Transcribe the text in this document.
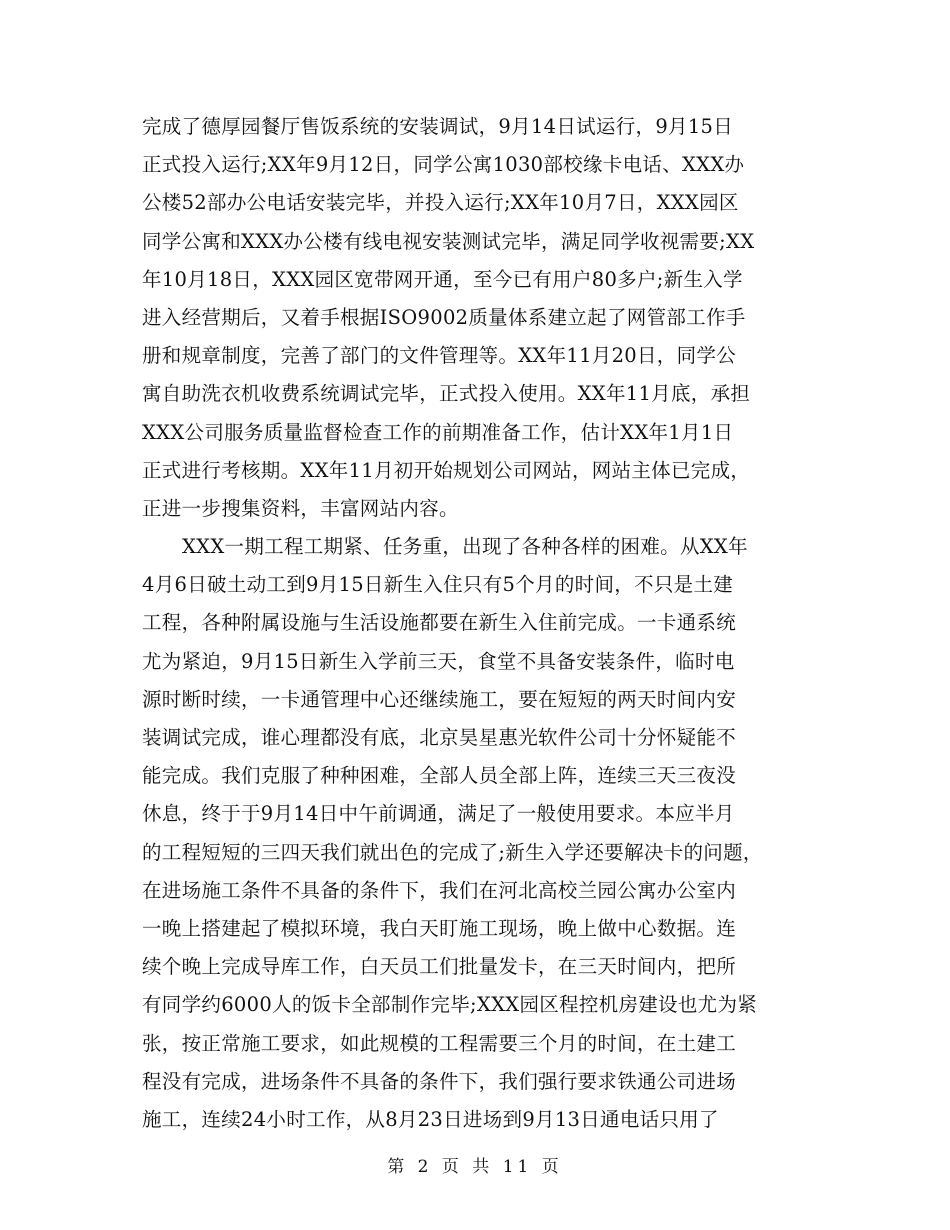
完成了德厚园餐厅售饭系统的安装调试，9月14日试运行，9月15日
正式投入运行;XX年9月12日，同学公寓1030部校缘卡电话、XXX办
公楼52部办公电话安装完毕，并投入运行;XX年10月7日，XXX园区
同学公寓和XXX办公楼有线电视安装测试完毕，满足同学收视需要;XX
年10月18日，XXX园区宽带网开通，至今已有用户80多户;新生入学
进入经营期后，又着手根据ISO9002质量体系建立起了网管部工作手
册和规章制度，完善了部门的文件管理等。XX年11月20日，同学公
寓自助洗衣机收费系统调试完毕，正式投入使用。XX年11月底，承担
XXX公司服务质量监督检查工作的前期准备工作，估计XX年1月1日
正式进行考核期。XX年11月初开始规划公司网站，网站主体已完成，
正进一步搜集资料，丰富网站内容。
XXX一期工程工期紧、任务重，出现了各种各样的困难。从XX年
4月6日破土动工到9月15日新生入住只有5个月的时间，不只是土建
工程，各种附属设施与生活设施都要在新生入住前完成。一卡通系统
尤为紧迫，9月15日新生入学前三天，食堂不具备安装条件，临时电
源时断时续，一卡通管理中心还继续施工，要在短短的两天时间内安
装调试完成，谁心理都没有底，北京昊星惠光软件公司十分怀疑能不
能完成。我们克服了种种困难，全部人员全部上阵，连续三天三夜没
休息，终于于9月14日中午前调通，满足了一般使用要求。本应半月
的工程短短的三四天我们就出色的完成了;新生入学还要解决卡的问题，
在进场施工条件不具备的条件下，我们在河北高校兰园公寓办公室内
一晚上搭建起了模拟环境，我白天盯施工现场，晚上做中心数据。连
续个晚上完成导库工作，白天员工们批量发卡，在三天时间内，把所
有同学约6000人的饭卡全部制作完毕;XXX园区程控机房建设也尤为紧
张，按正常施工要求，如此规模的工程需要三个月的时间，在土建工
程没有完成，进场条件不具备的条件下，我们强行要求铁通公司进场
施工，连续24小时工作，从8月23日进场到9月13日通电话只用了
第 2 页 共 11 页
